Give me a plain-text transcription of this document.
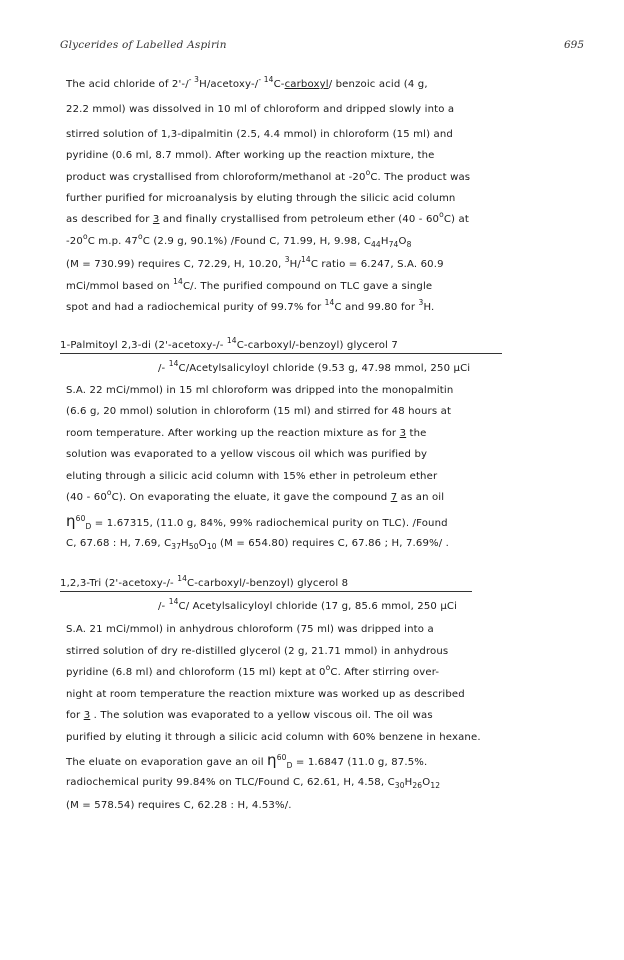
Glycerides of Labelled Aspirin	695
The acid chloride of 2'-/$^{- 3}$H/acetoxy-/$^{- 14}$C-carboxyl/ benzoic acid (4 g,
22.2 mmol) was dissolved in 10 ml of chloroform and dripped slowly into a
stirred solution of 1,3-dipalmitin (2.5, 4.4 mmol) in chloroform (15 ml) and
pyridine (0.6 ml, 8.7 mmol). After working up the reaction mixture, the
product was crystallised from chloroform/methanol at -20$^o$C. The product was
further purified for microanalysis by eluting through the silicic acid column
as described for 3 and finally crystallised from petroleum ether (40 - 60$^o$C) at
-20$^o$C m.p. 47$^o$C (2.9 g, 90.1%) /Found C, 71.99, H, 9.98, $C_{44}H_{74}O_8$
(M = 730.99) requires C, 72.29, H, 10.20, $^3$H/$^{14}$C ratio = 6.247, S.A. 60.9
mCi/mmol based on $^{14}$C/. The purified compound on TLC gave a single
spot and had a radiochemical purity of 99.7% for $^{14}$C and 99.80 for $^3$H.
1-Palmitoyl 2,3-di (2'-acetoxy-/- $^{14}$C-carboxyl/-benzoyl) glycerol 7
/- $^{14}$C/Acetylsalicyloyl chloride (9.53 g, 47.98 mmol, 250 µCi
S.A. 22 mCi/mmol) in 15 ml chloroform was dripped into the monopalmitin
(6.6 g, 20 mmol) solution in chloroform (15 ml) and stirred for 48 hours at
room temperature. After working up the reaction mixture as for 3 the
solution was evaporated to a yellow viscous oil which was purified by
eluting through a silicic acid column with 15% ether in petroleum ether
(40 - 60$^o$C). On evaporating the eluate, it gave the compound 7 as an oil
$\eta^{60}_D = 1.67315$, (11.0 g, 84%, 99% radiochemical purity on TLC). /Found
C, 67.68 : H, 7.69, $C_{37}H_{50}O_{10}$ (M = 654.80) requires C, 67.86 ; H, 7.69%/ .
1,2,3-Tri (2'-acetoxy-/- $^{14}$C-carboxyl/-benzoyl) glycerol 8
/- $^{14}$C/ Acetylsalicyloyl chloride (17 g, 85.6 mmol, 250 µCi
S.A. 21 mCi/mmol) in anhydrous chloroform (75 ml) was dripped into a
stirred solution of dry re-distilled glycerol (2 g, 21.71 mmol) in anhydrous
pyridine (6.8 ml) and chloroform (15 ml) kept at 0$^o$C. After stirring over-
night at room temperature the reaction mixture was worked up as described
for 3 . The solution was evaporated to a yellow viscous oil. The oil was
purified by eluting it through a silicic acid column with 60% benzene in hexane.
The eluate on evaporation gave an oil $\eta^{60}_D = 1.6847$ (11.0 g, 87.5%.
radiochemical purity 99.84% on TLC/Found C, 62.61, H, 4.58, $C_{30}H_{26}O_{12}$
(M = 578.54) requires C, 62.28 : H, 4.53%/.
